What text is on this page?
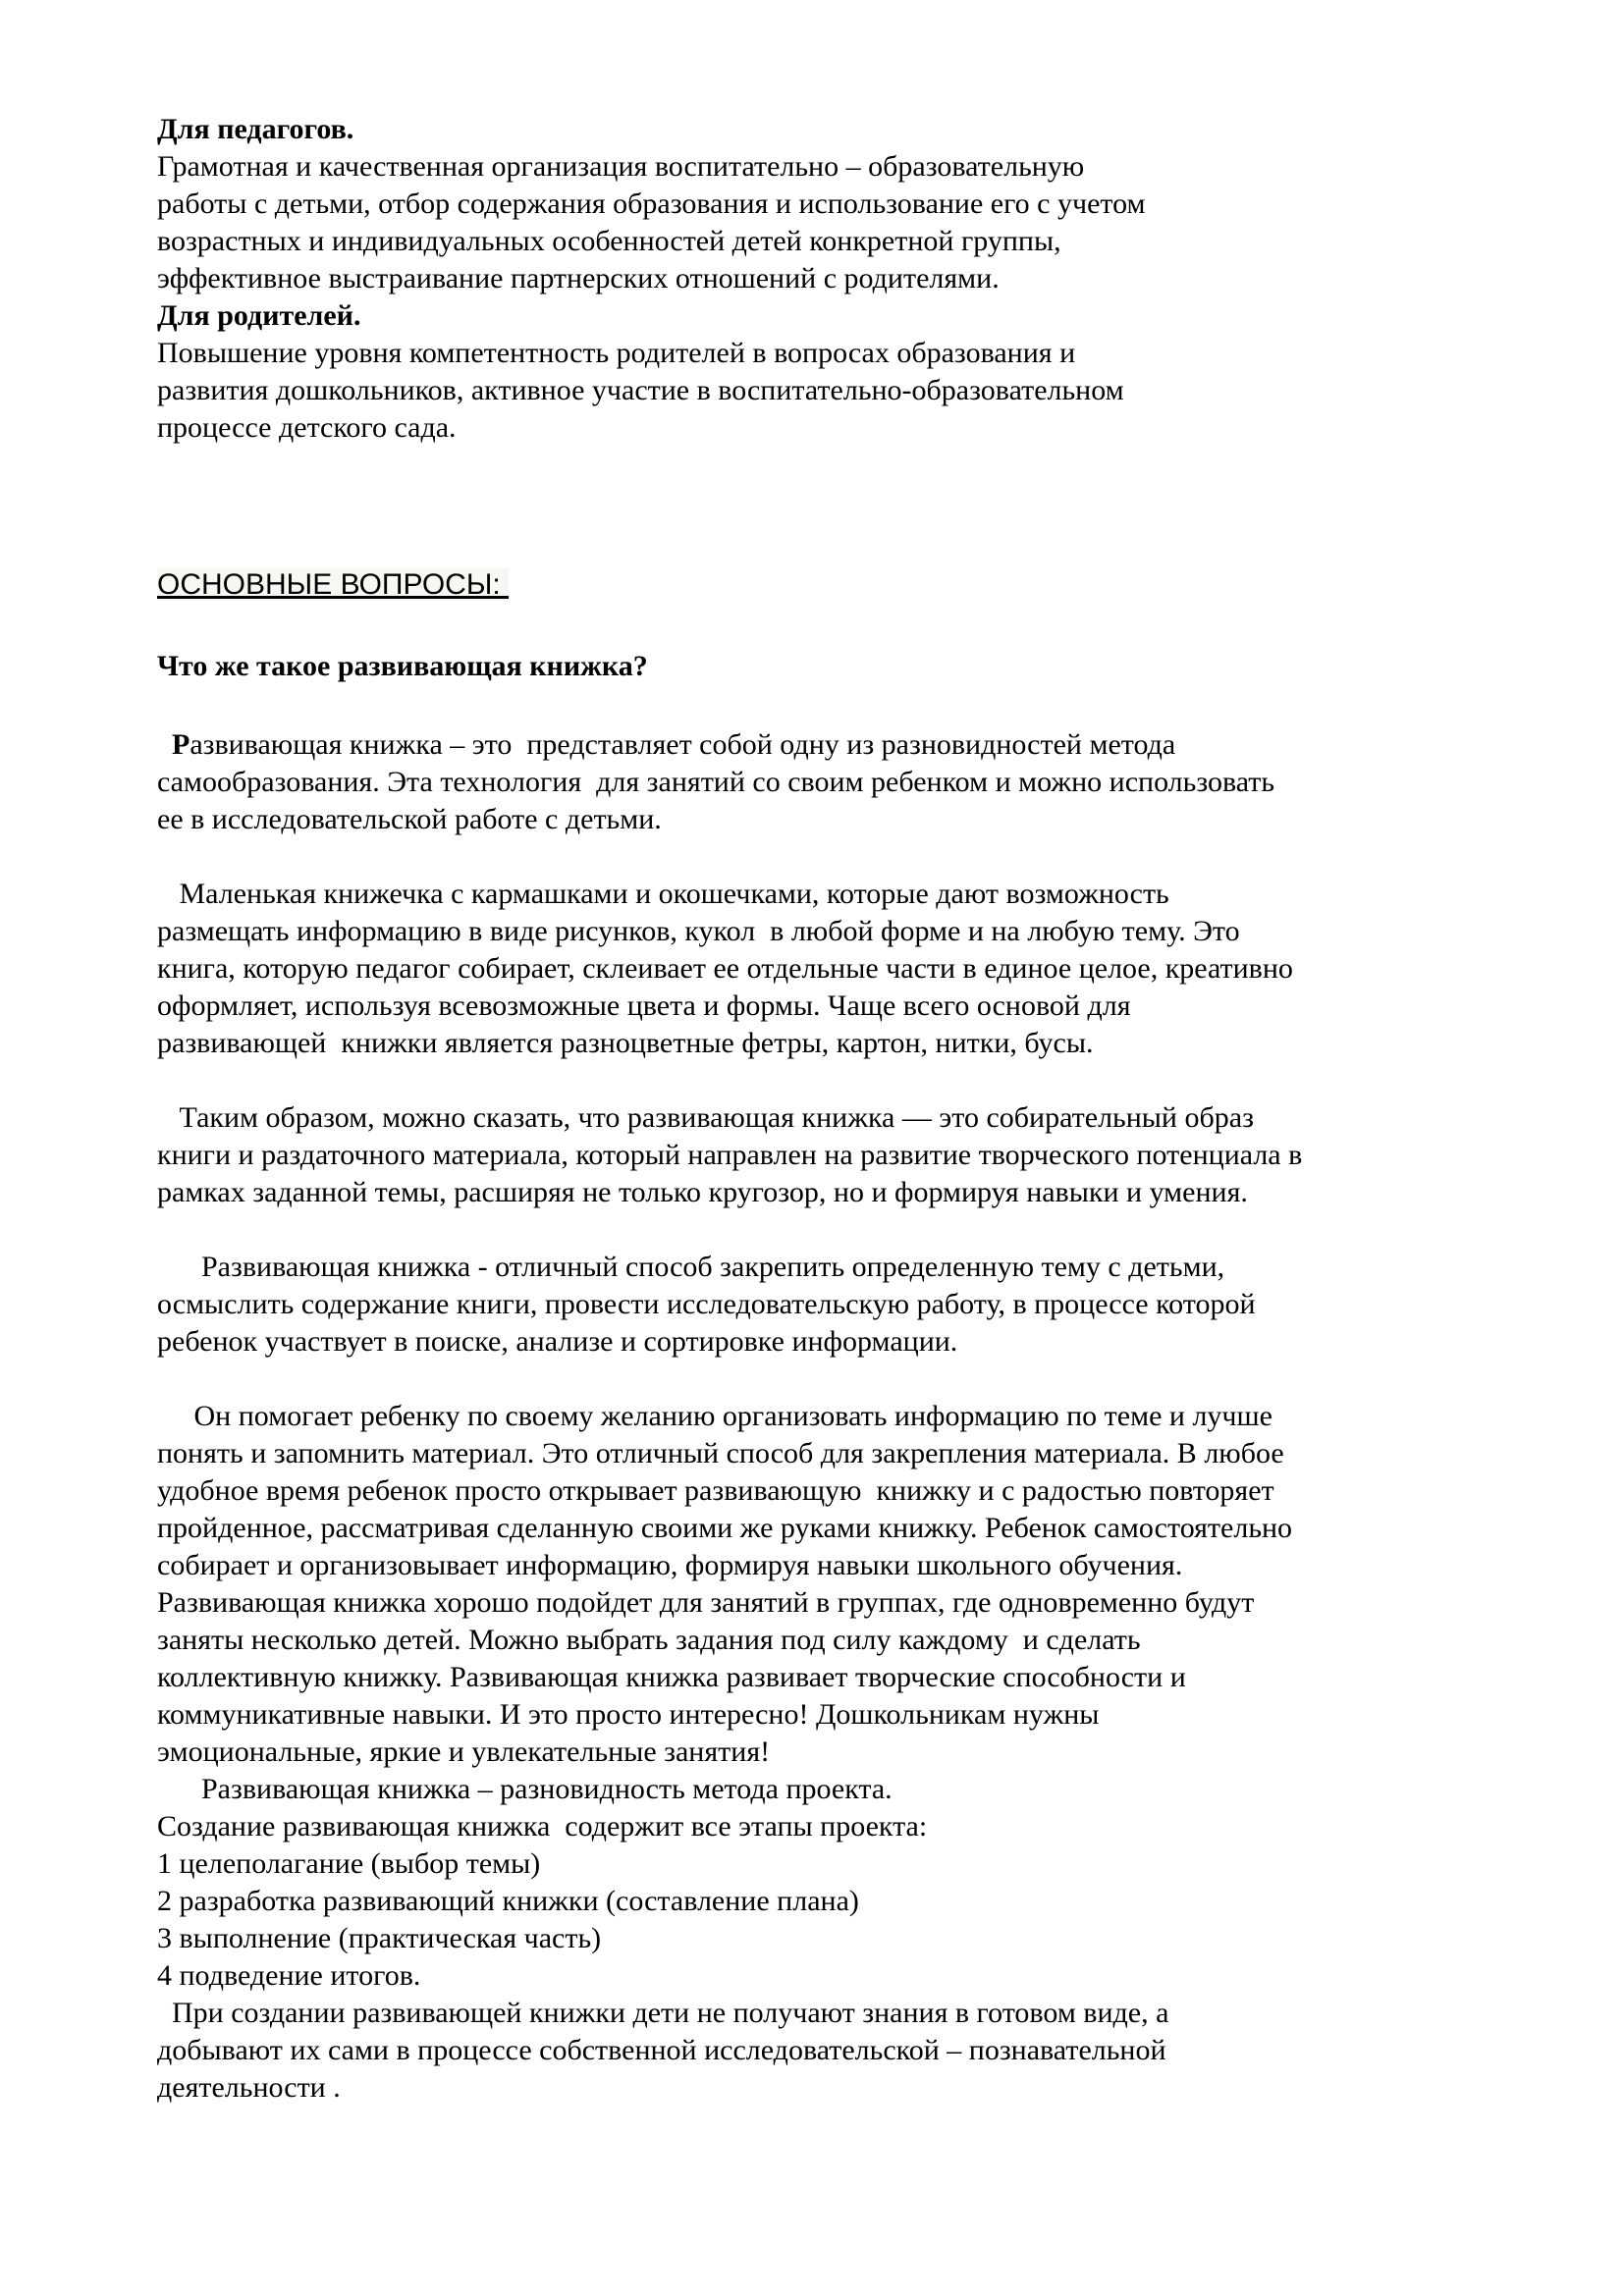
Для педагогов.
Грамотная и качественная организация воспитательно – образовательную
работы с детьми, отбор содержания образования и использование его с учетом
возрастных и индивидуальных особенностей детей конкретной группы,
эффективное выстраивание партнерских отношений с родителями.
Для родителей.
Повышение уровня компетентность родителей в вопросах образования и
развития дошкольников, активное участие в воспитательно-образовательном
процессе детского сада.
ОСНОВНЫЕ ВОПРОСЫ:
Что же такое развивающая книжка?
Развивающая книжка – это  представляет собой одну из разновидностей метода
самообразования. Эта технология  для занятий со своим ребенком и можно использовать
ее в исследовательской работе с детьми.
Маленькая книжечка с кармашками и окошечками, которые дают возможность
размещать информацию в виде рисунков, кукол  в любой форме и на любую тему. Это
книга, которую педагог собирает, склеивает ее отдельные части в единое целое, креативно
оформляет, используя всевозможные цвета и формы. Чаще всего основой для
развивающей  книжки является разноцветные фетры, картон, нитки, бусы.
Таким образом, можно сказать, что развивающая книжка — это собирательный образ
книги и раздаточного материала, который направлен на развитие творческого потенциала в
рамках заданной темы, расширяя не только кругозор, но и формируя навыки и умения.
Развивающая книжка - отличный способ закрепить определенную тему с детьми,
осмыслить содержание книги, провести исследовательскую работу, в процессе которой
ребенок участвует в поиске, анализе и сортировке информации.
Он помогает ребенку по своему желанию организовать информацию по теме и лучше
понять и запомнить материал. Это отличный способ для закрепления материала. В любое
удобное время ребенок просто открывает развивающую  книжку и с радостью повторяет
пройденное, рассматривая сделанную своими же руками книжку. Ребенок самостоятельно
собирает и организовывает информацию, формируя навыки школьного обучения.
Развивающая книжка хорошо подойдет для занятий в группах, где одновременно будут
заняты несколько детей. Можно выбрать задания под силу каждому  и сделать
коллективную книжку. Развивающая книжка развивает творческие способности и
коммуникативные навыки. И это просто интересно! Дошкольникам нужны
эмоциональные, яркие и увлекательные занятия!
Развивающая книжка – разновидность метода проекта.
Создание развивающая книжка  содержит все этапы проекта:
1 целеполагание (выбор темы)
2 разработка развивающий книжки (составление плана)
3 выполнение (практическая часть)
4 подведение итогов.
При создании развивающей книжки дети не получают знания в готовом виде, а
добывают их сами в процессе собственной исследовательской – познавательной
деятельности .
